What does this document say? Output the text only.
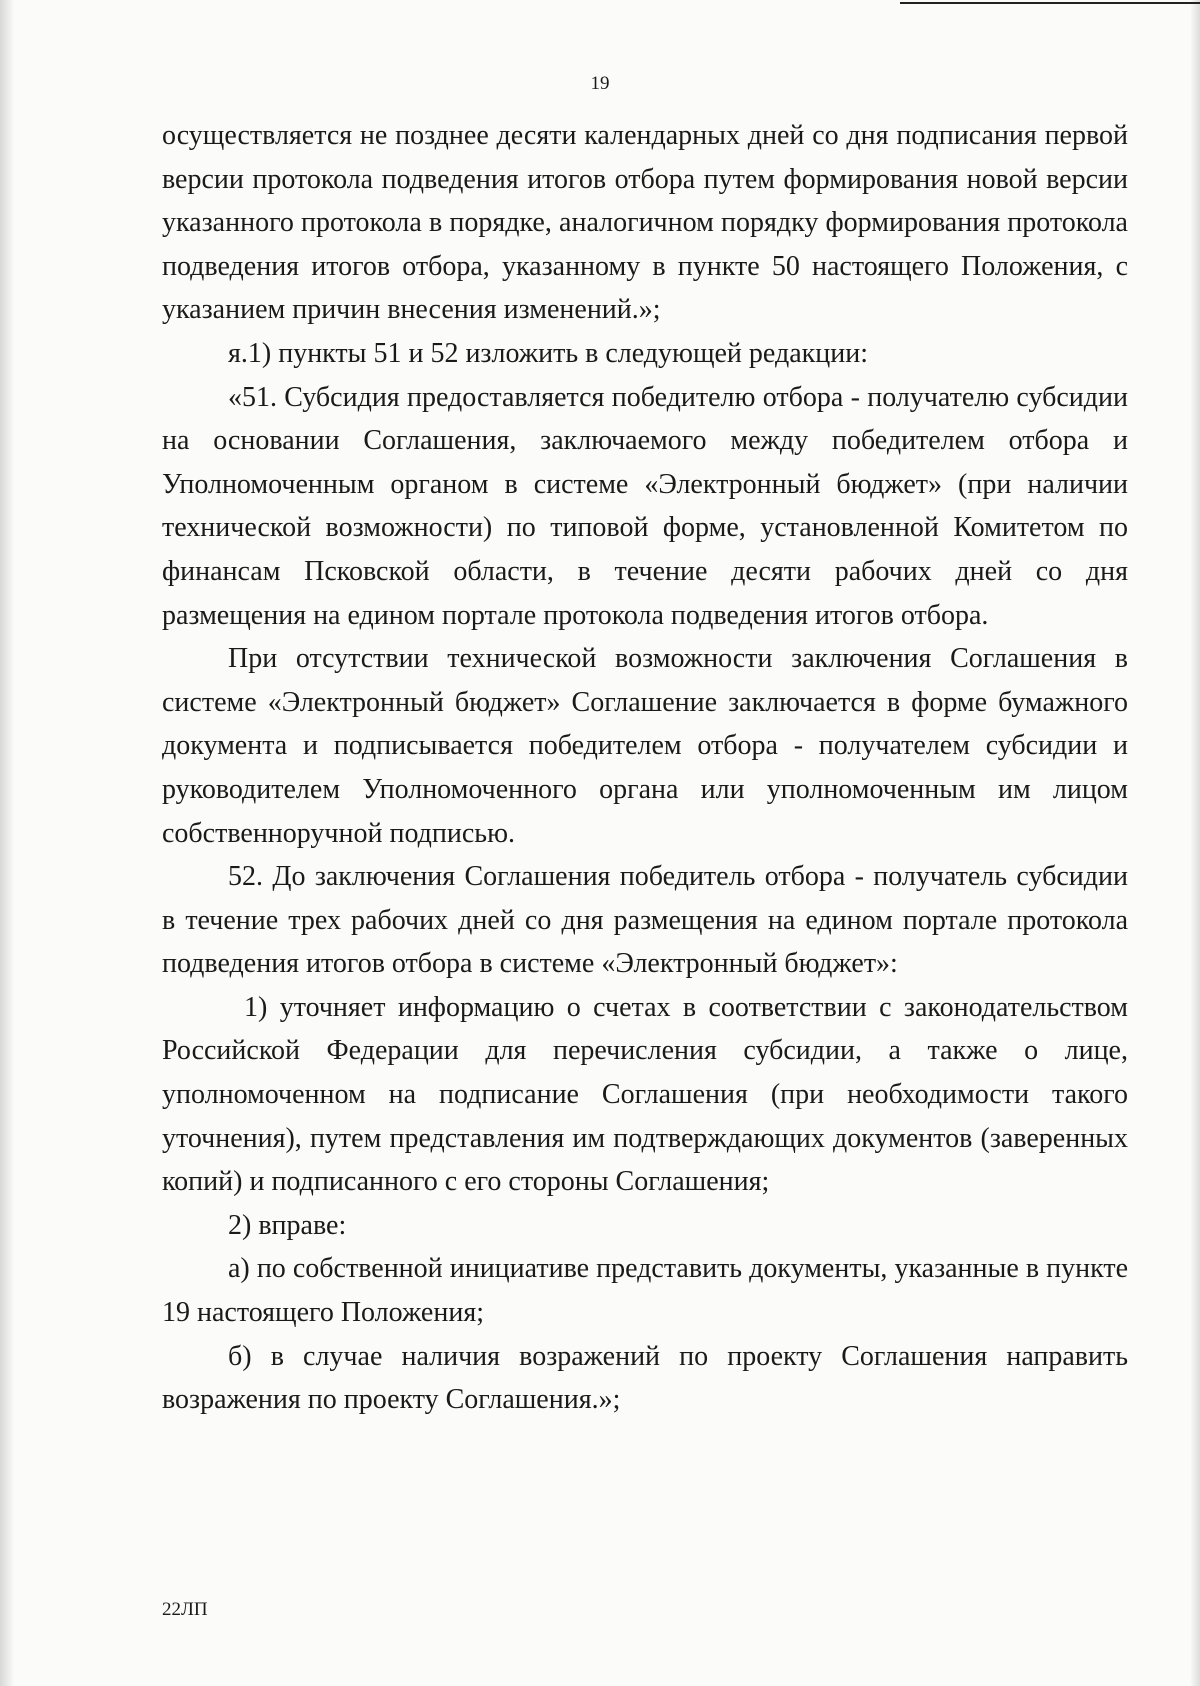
19

осуществляется не позднее десяти календарных дней со дня подписания первой версии протокола подведения итогов отбора путем формирования новой версии указанного протокола в порядке, аналогичном порядку формирования протокола подведения итогов отбора, указанному в пункте 50 настоящего Положения, с указанием причин внесения изменений.»;

я.1) пункты 51 и 52 изложить в следующей редакции:

«51. Субсидия предоставляется победителю отбора - получателю субсидии на основании Соглашения, заключаемого между победителем отбора и Уполномоченным органом в системе «Электронный бюджет» (при наличии технической возможности) по типовой форме, установленной Комитетом по финансам Псковской области, в течение десяти рабочих дней со дня размещения на едином портале протокола подведения итогов отбора.

При отсутствии технической возможности заключения Соглашения в системе «Электронный бюджет» Соглашение заключается в форме бумажного документа и подписывается победителем отбора - получателем субсидии и руководителем Уполномоченного органа или уполномоченным им лицом собственноручной подписью.

52. До заключения Соглашения победитель отбора - получатель субсидии в течение трех рабочих дней со дня размещения на едином портале протокола подведения итогов отбора в системе «Электронный бюджет»:

1) уточняет информацию о счетах в соответствии с законодательством Российской Федерации для перечисления субсидии, а также о лице, уполномоченном на подписание Соглашения (при необходимости такого уточнения), путем представления им подтверждающих документов (заверенных копий) и подписанного с его стороны Соглашения;

2) вправе:

а) по собственной инициативе представить документы, указанные в пункте 19 настоящего Положения;

б) в случае наличия возражений по проекту Соглашения направить возражения по проекту Соглашения.»;

22ЛП
